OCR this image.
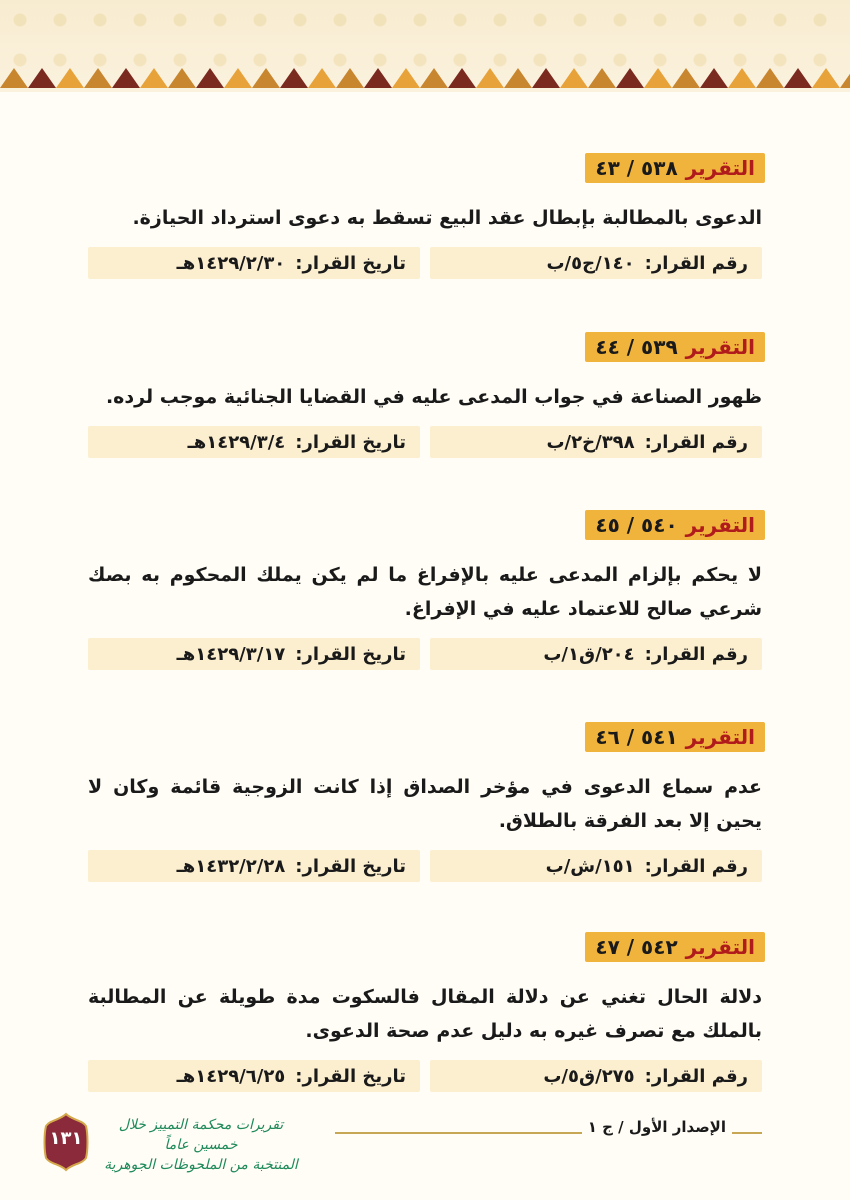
التقرير
٥٣٨ / ٤٣
الدعوى بالمطالبة بإبطال عقد البيع تسقط به دعوى استرداد الحيازة.
رقم القرار:
١٤٠/ج٥/ب
تاريخ القرار:
١٤٢٩/٢/٣٠هـ
التقرير
٥٣٩ / ٤٤
ظهور الصناعة في جواب المدعى عليه في القضايا الجنائية موجب لرده.
رقم القرار:
٣٩٨/خ٢/ب
تاريخ القرار:
١٤٢٩/٣/٤هـ
التقرير
٥٤٠ / ٤٥
لا يحكم بإلزام المدعى عليه بالإفراغ ما لم يكن يملك المحكوم به بصك شرعي صالح للاعتماد عليه في الإفراغ.
رقم القرار:
٢٠٤/ق١/ب
تاريخ القرار:
١٤٢٩/٣/١٧هـ
التقرير
٥٤١ / ٤٦
عدم سماع الدعوى في مؤخر الصداق إذا كانت الزوجية قائمة وكان لا يحين إلا بعد الفرقة بالطلاق.
رقم القرار:
١٥١/ش/ب
تاريخ القرار:
١٤٣٢/٢/٢٨هـ
التقرير
٥٤٢ / ٤٧
دلالة الحال تغني عن دلالة المقال فالسكوت مدة طويلة عن المطالبة بالملك مع تصرف غيره به دليل عدم صحة الدعوى.
رقم القرار:
٢٧٥/ق٥/ب
تاريخ القرار:
١٤٢٩/٦/٢٥هـ
الإصدار الأول / ج ١
تقريرات محكمة التمييز خلال خمسين عاماً
المنتخبة من الملحوظات الجوهرية
١٣١
